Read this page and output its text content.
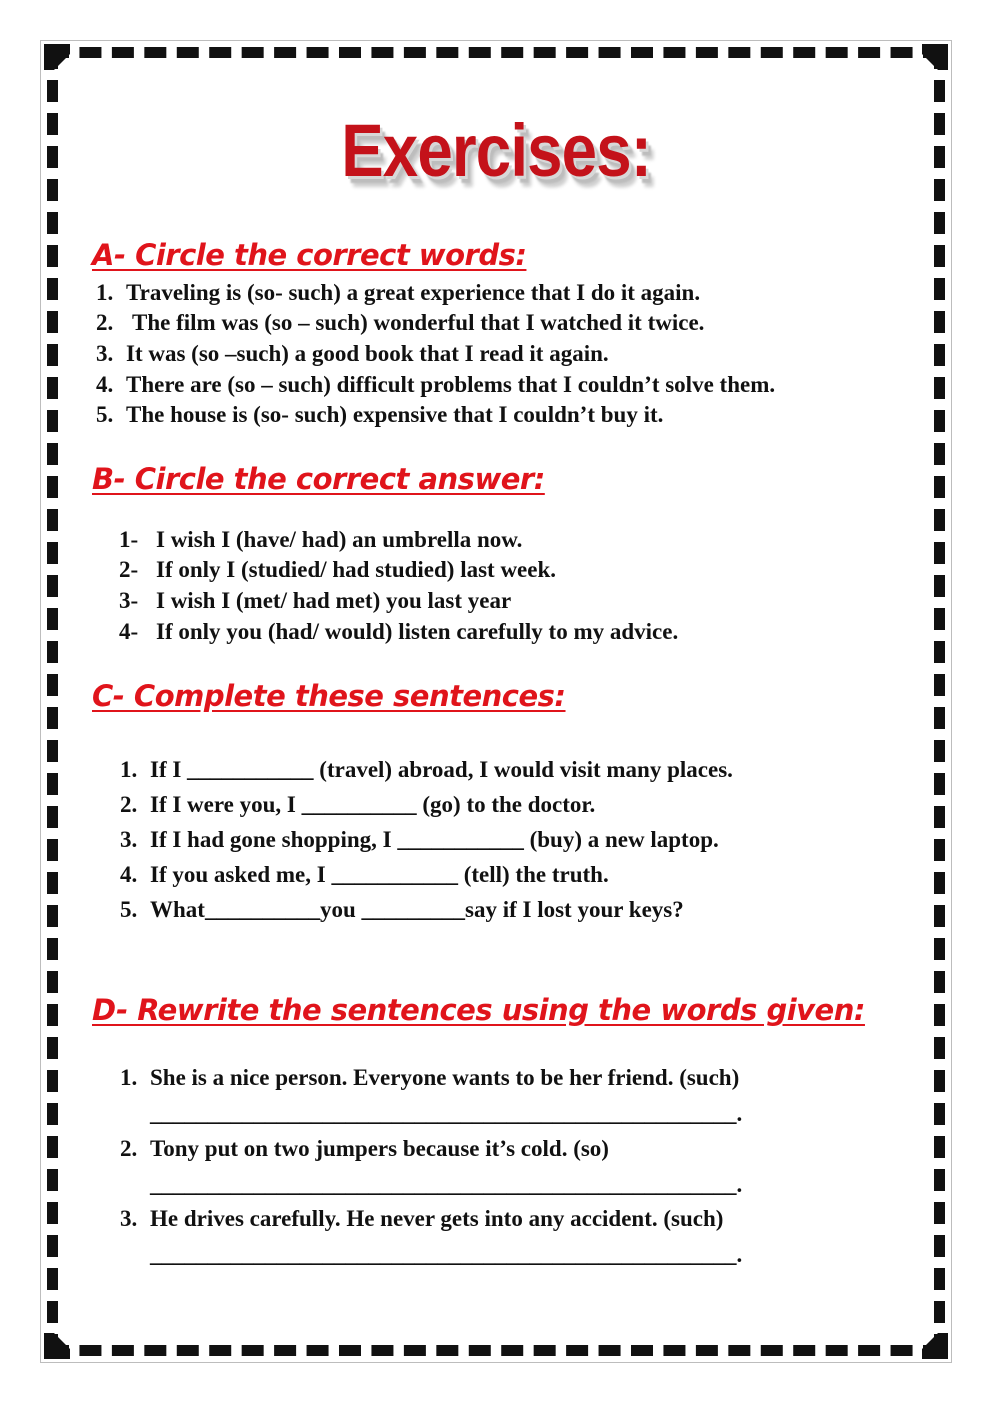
Exercises:
A- Circle the correct words:
1. Traveling is (so- such) a great experience that I do it again.
2. The film was (so – such) wonderful that I watched it twice.
3. It was (so –such) a good book that I read it again.
4. There are (so – such) difficult problems that I couldn’t solve them.
5. The house is (so- such) expensive that I couldn’t buy it.
B- Circle the correct answer:
1- I wish I (have/ had) an umbrella now.
2- If only I (studied/ had studied) last week.
3- I wish I (met/ had met) you last year
4- If only you (had/ would) listen carefully to my advice.
C- Complete these sentences:
1. If I ___________ (travel) abroad, I would visit many places.
2. If I were you, I __________ (go) to the doctor.
3. If I had gone shopping, I ___________ (buy) a new laptop.
4. If you asked me, I ___________ (tell) the truth.
5. What__________you _________say if I lost your keys?
D- Rewrite the sentences using the words given:
1. She is a nice person. Everyone wants to be her friend. (such)
___________________________________________________.
2. Tony put on two jumpers because it’s cold. (so)
___________________________________________________.
3. He drives carefully. He never gets into any accident. (such)
___________________________________________________.
